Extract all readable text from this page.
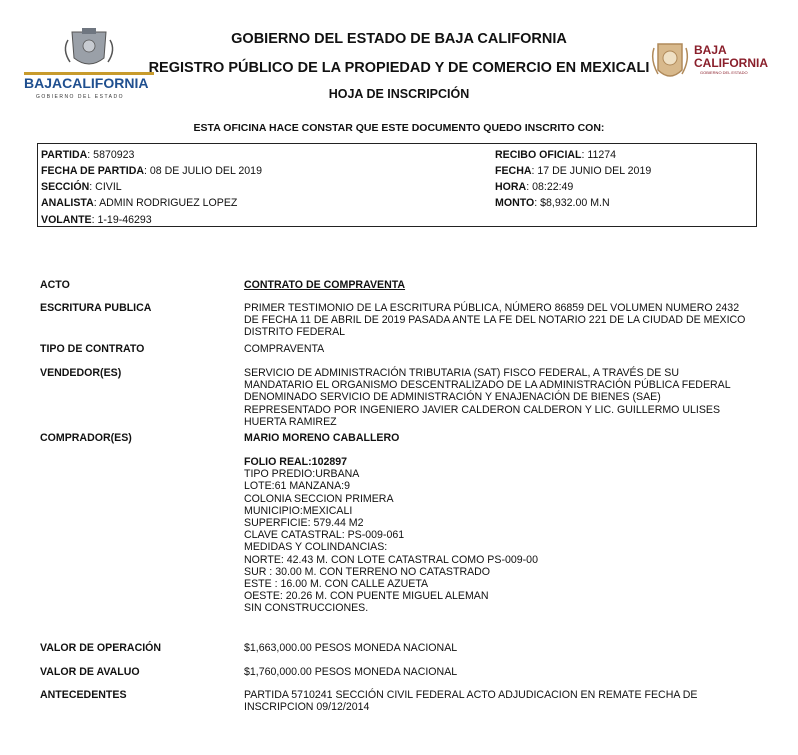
BAJACALIFORNIA
GOBIERNO DEL ESTADO
GOBIERNO DEL ESTADO DE BAJA CALIFORNIA
REGISTRO PÚBLICO DE LA PROPIEDAD Y DE COMERCIO EN MEXICALI
HOJA DE INSCRIPCIÓN
BAJA
CALIFORNIA
GOBIERNO DEL ESTADO
ESTA OFICINA HACE CONSTAR QUE ESTE DOCUMENTO QUEDO INSCRITO CON:
PARTIDA: 5870923
FECHA DE PARTIDA: 08 DE JULIO DEL 2019
SECCIÓN: CIVIL
ANALISTA: ADMIN RODRIGUEZ LOPEZ
VOLANTE: 1-19-46293
RECIBO OFICIAL: 11274
FECHA: 17 DE JUNIO DEL 2019
HORA: 08:22:49
MONTO: $8,932.00 M.N
ACTO	CONTRATO DE COMPRAVENTA
ESCRITURA PUBLICA	PRIMER TESTIMONIO DE LA ESCRITURA PÚBLICA, NÚMERO 86859 DEL VOLUMEN NUMERO 2432
DE FECHA 11 DE ABRIL DE 2019 PASADA ANTE LA FE DEL NOTARIO 221 DE LA CIUDAD DE MEXICO
DISTRITO FEDERAL
TIPO DE CONTRATO	COMPRAVENTA
VENDEDOR(ES)	SERVICIO DE ADMINISTRACIÓN TRIBUTARIA (SAT) FISCO FEDERAL, A TRAVÉS DE SU
MANDATARIO EL ORGANISMO DESCENTRALIZADO DE LA ADMINISTRACIÓN PÚBLICA FEDERAL
DENOMINADO SERVICIO DE ADMINISTRACIÓN Y ENAJENACIÓN DE BIENES (SAE)
REPRESENTADO POR INGENIERO JAVIER CALDERON CALDERON Y LIC. GUILLERMO ULISES
HUERTA RAMIREZ
COMPRADOR(ES)	MARIO MORENO CABALLERO
FOLIO REAL:102897
TIPO PREDIO:URBANA
LOTE:61 MANZANA:9
COLONIA SECCION PRIMERA
MUNICIPIO:MEXICALI
SUPERFICIE: 579.44 M2
CLAVE CATASTRAL: PS-009-061
MEDIDAS Y COLINDANCIAS:
NORTE: 42.43 M. CON LOTE CATASTRAL COMO PS-009-00
SUR : 30.00 M. CON TERRENO NO CATASTRADO
ESTE : 16.00 M. CON CALLE AZUETA
OESTE: 20.26 M. CON PUENTE MIGUEL ALEMAN
SIN CONSTRUCCIONES.
VALOR DE OPERACIÓN	$1,663,000.00 PESOS MONEDA NACIONAL
VALOR DE AVALUO	$1,760,000.00 PESOS MONEDA NACIONAL
ANTECEDENTES	PARTIDA 5710241 SECCIÓN CIVIL FEDERAL ACTO ADJUDICACION EN REMATE FECHA DE
INSCRIPCION 09/12/2014
